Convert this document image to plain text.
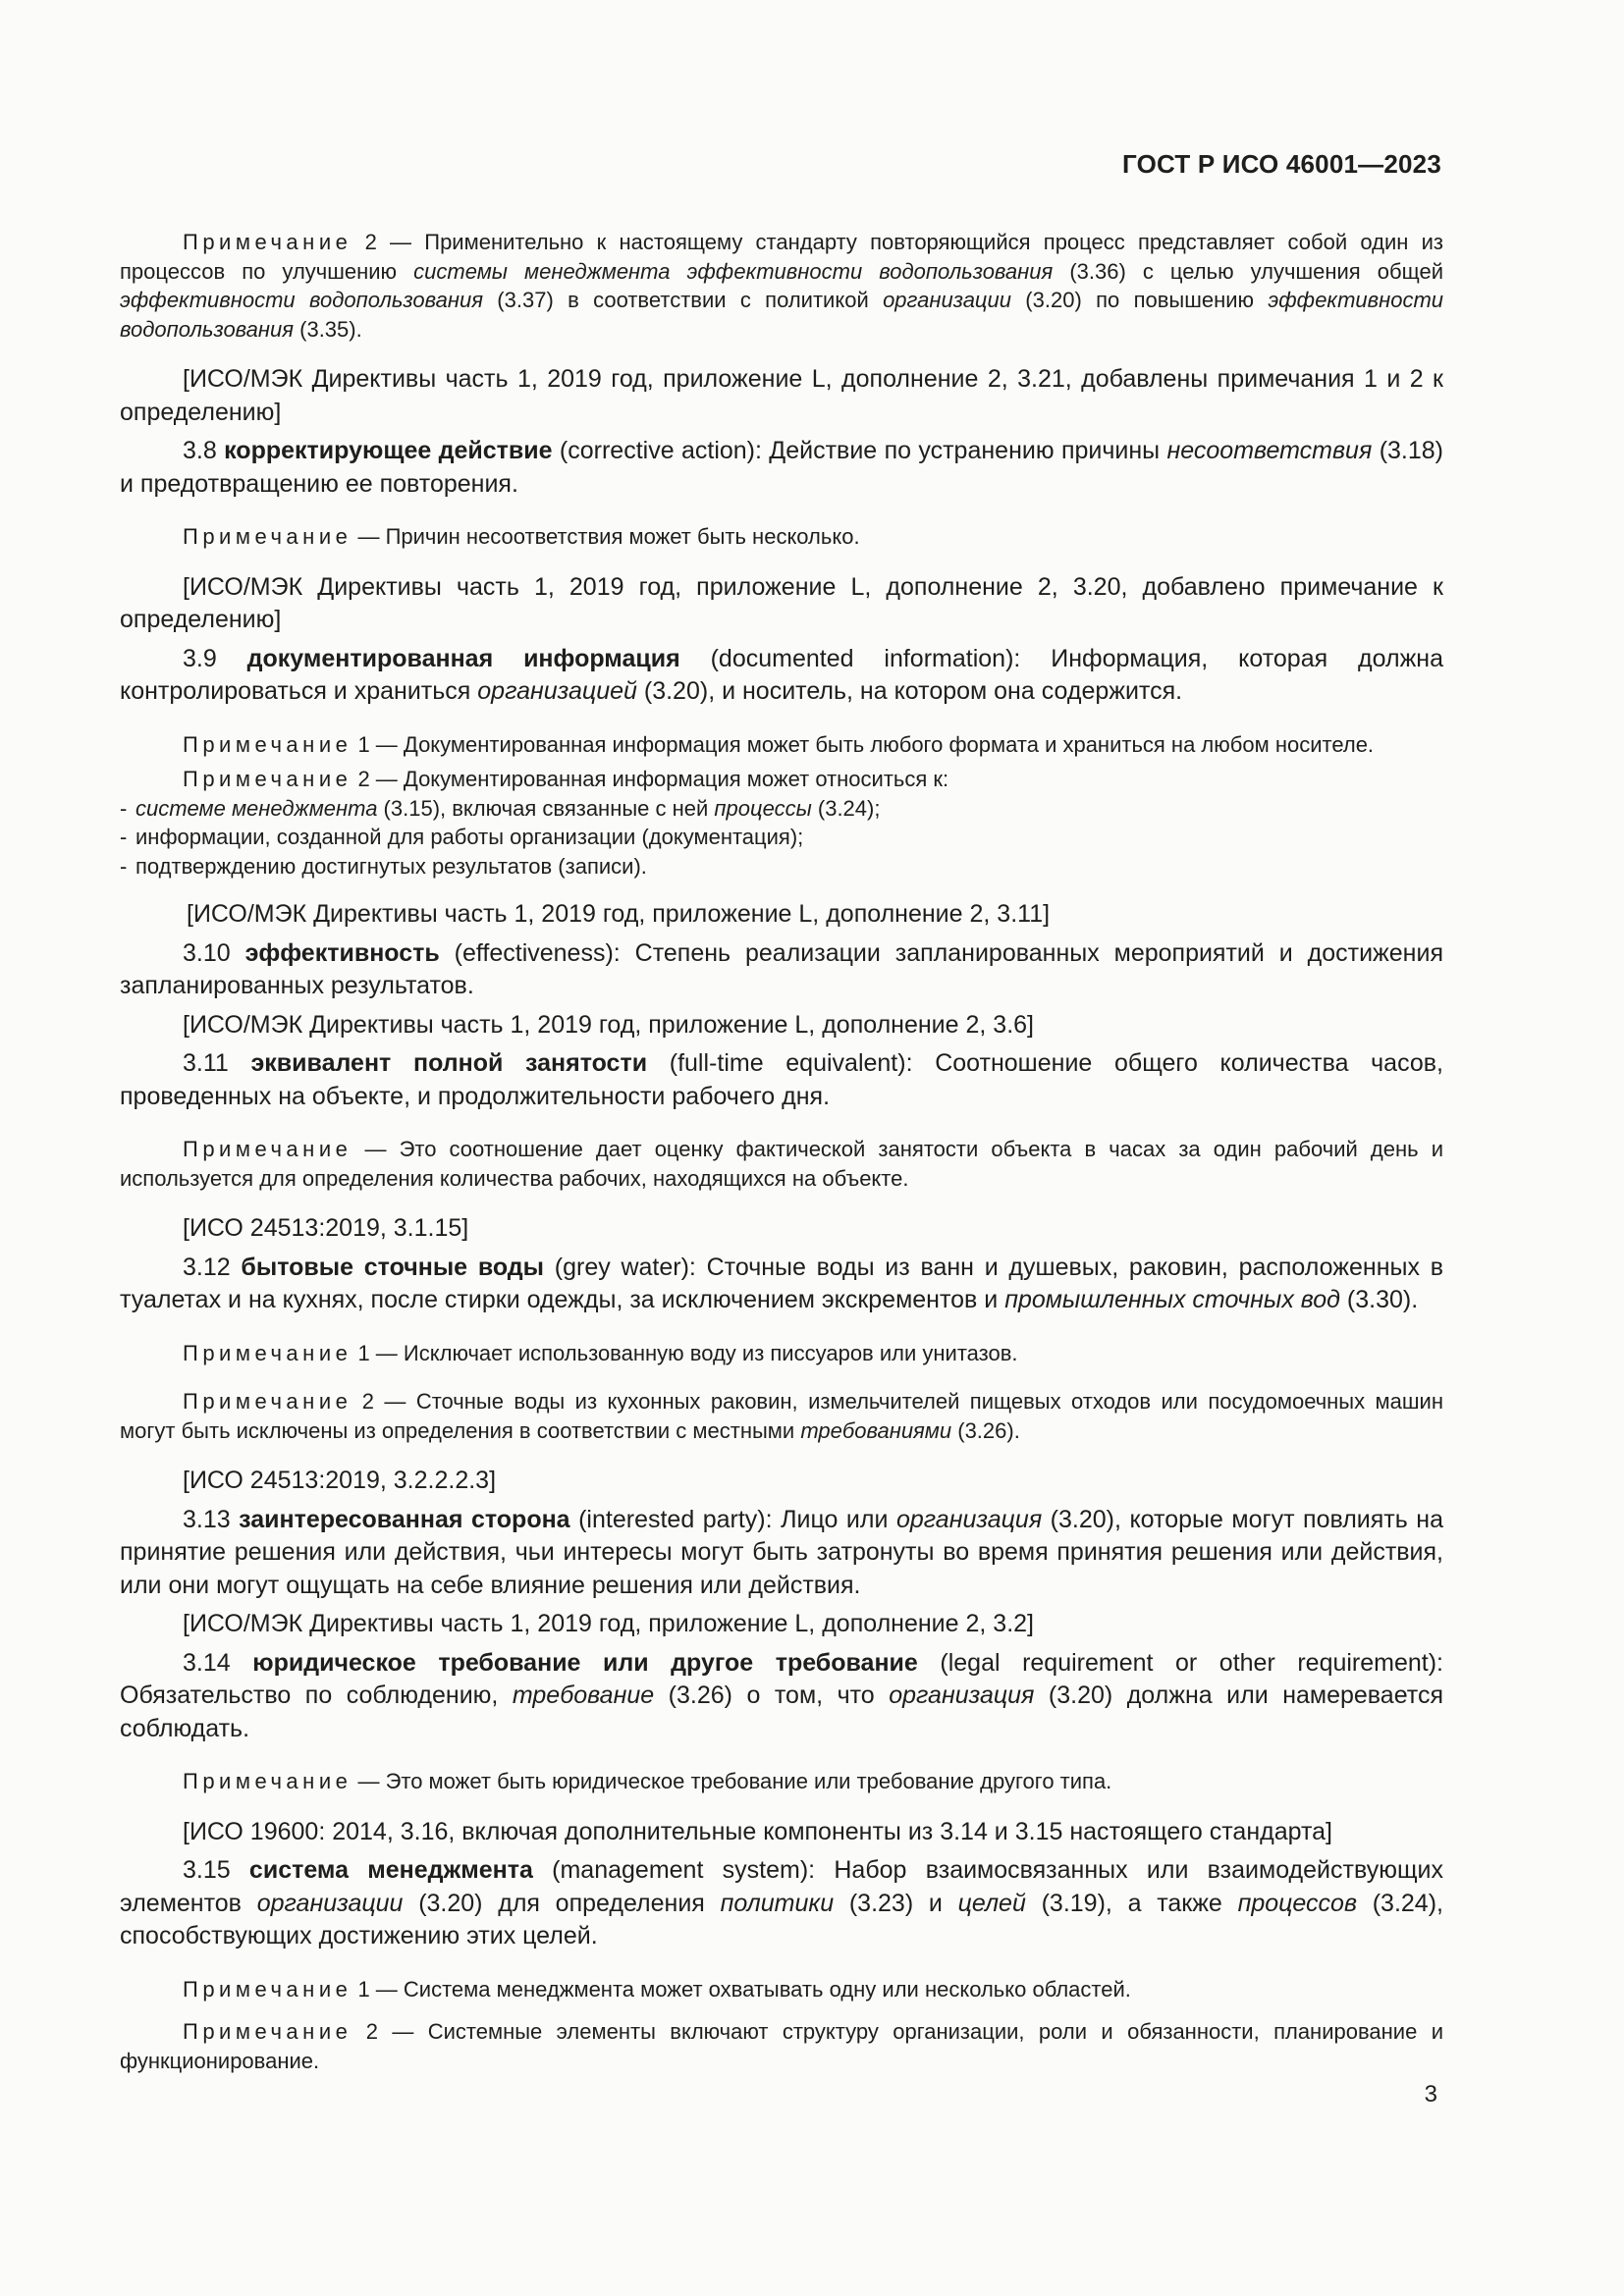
ГОСТ Р ИСО 46001—2023

Примечание 2 — Применительно к настоящему стандарту повторяющийся процесс представляет собой один из процессов по улучшению системы менеджмента эффективности водопользования (3.36) с целью улучшения общей эффективности водопользования (3.37) в соответствии с политикой организации (3.20) по повышению эффективности водопользования (3.35).

[ИСО/МЭК Директивы часть 1, 2019 год, приложение L, дополнение 2, 3.21, добавлены примечания 1 и 2 к определению]

3.8 корректирующее действие (corrective action): Действие по устранению причины несоответствия (3.18) и предотвращению ее повторения.

Примечание — Причин несоответствия может быть несколько.

[ИСО/МЭК Директивы часть 1, 2019 год, приложение L, дополнение 2, 3.20, добавлено примечание к определению]

3.9 документированная информация (documented information): Информация, которая должна контролироваться и храниться организацией (3.20), и носитель, на котором она содержится.

Примечание 1 — Документированная информация может быть любого формата и храниться на любом носителе.

Примечание 2 — Документированная информация может относиться к:

- системе менеджмента (3.15), включая связанные с ней процессы (3.24);
- информации, созданной для работы организации (документация);
- подтверждению достигнутых результатов (записи).

[ИСО/МЭК Директивы часть 1, 2019 год, приложение L, дополнение 2, 3.11]

3.10 эффективность (effectiveness): Степень реализации запланированных мероприятий и достижения запланированных результатов.

[ИСО/МЭК Директивы часть 1, 2019 год, приложение L, дополнение 2, 3.6]

3.11 эквивалент полной занятости (full-time equivalent): Соотношение общего количества часов, проведенных на объекте, и продолжительности рабочего дня.

Примечание — Это соотношение дает оценку фактической занятости объекта в часах за один рабочий день и используется для определения количества рабочих, находящихся на объекте.

[ИСО 24513:2019, 3.1.15]

3.12 бытовые сточные воды (grey water): Сточные воды из ванн и душевых, раковин, расположенных в туалетах и на кухнях, после стирки одежды, за исключением экскрементов и промышленных сточных вод (3.30).

Примечание 1 — Исключает использованную воду из писсуаров или унитазов.

Примечание 2 — Сточные воды из кухонных раковин, измельчителей пищевых отходов или посудомоечных машин могут быть исключены из определения в соответствии с местными требованиями (3.26).

[ИСО 24513:2019, 3.2.2.2.3]

3.13 заинтересованная сторона (interested party): Лицо или организация (3.20), которые могут повлиять на принятие решения или действия, чьи интересы могут быть затронуты во время принятия решения или действия, или они могут ощущать на себе влияние решения или действия.

[ИСО/МЭК Директивы часть 1, 2019 год, приложение L, дополнение 2, 3.2]

3.14 юридическое требование или другое требование (legal requirement or other requirement): Обязательство по соблюдению, требование (3.26) о том, что организация (3.20) должна или намеревается соблюдать.

Примечание — Это может быть юридическое требование или требование другого типа.

[ИСО 19600: 2014, 3.16, включая дополнительные компоненты из 3.14 и 3.15 настоящего стандарта]

3.15 система менеджмента (management system): Набор взаимосвязанных или взаимодействующих элементов организации (3.20) для определения политики (3.23) и целей (3.19), а также процессов (3.24), способствующих достижению этих целей.

Примечание 1 — Система менеджмента может охватывать одну или несколько областей.

Примечание 2 — Системные элементы включают структуру организации, роли и обязанности, планирование и функционирование.

3
